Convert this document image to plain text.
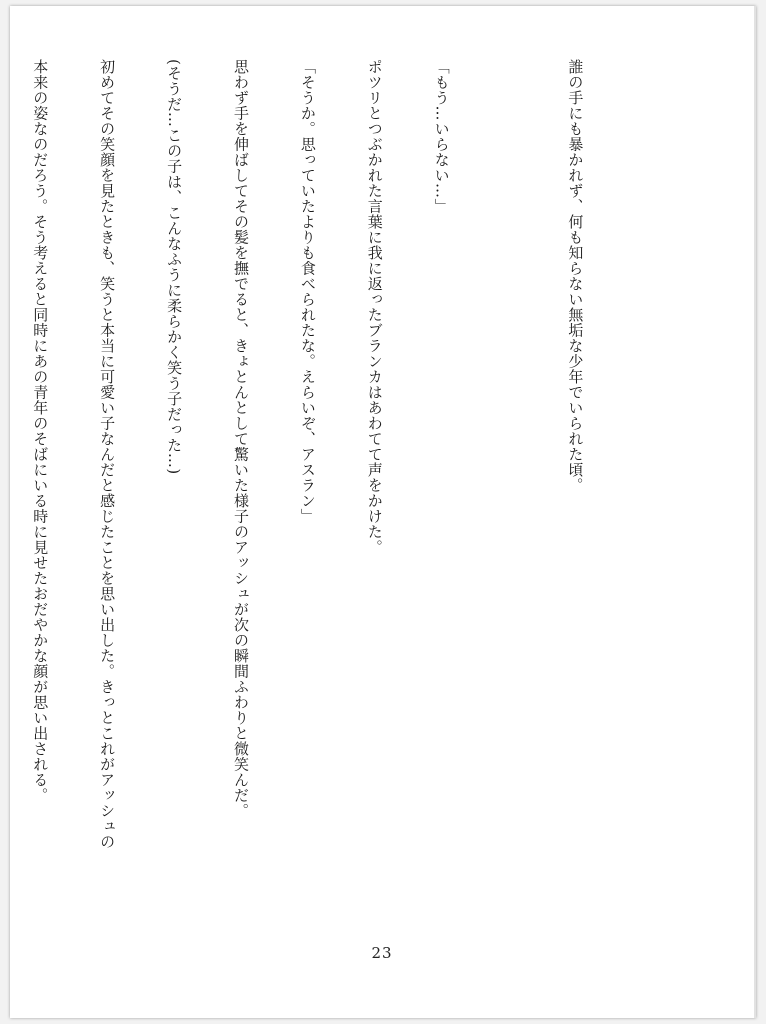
誰の手にも暴かれず、何も知らない無垢な少年でいられた頃。

「もう…いらない…」

ポツリとつぶかれた言葉に我に返ったブランカはあわてて声をかけた。

「そうか。思っていたよりも食べられたな。えらいぞ、アスラン」

思わず手を伸ばしてその髪を撫でると、きょとんとして驚いた様子のアッシュが次の瞬間ふわりと微笑んだ。

(そうだ…この子は、こんなふうに柔らかく笑う子だった…)

初めてその笑顔を見たときも、笑うと本当に可愛い子なんだと感じたことを思い出した。きっとこれがアッシュの

本来の姿なのだろう。そう考えると同時にあの青年のそばにいる時に見せたおだやかな顔が思い出される。

23
